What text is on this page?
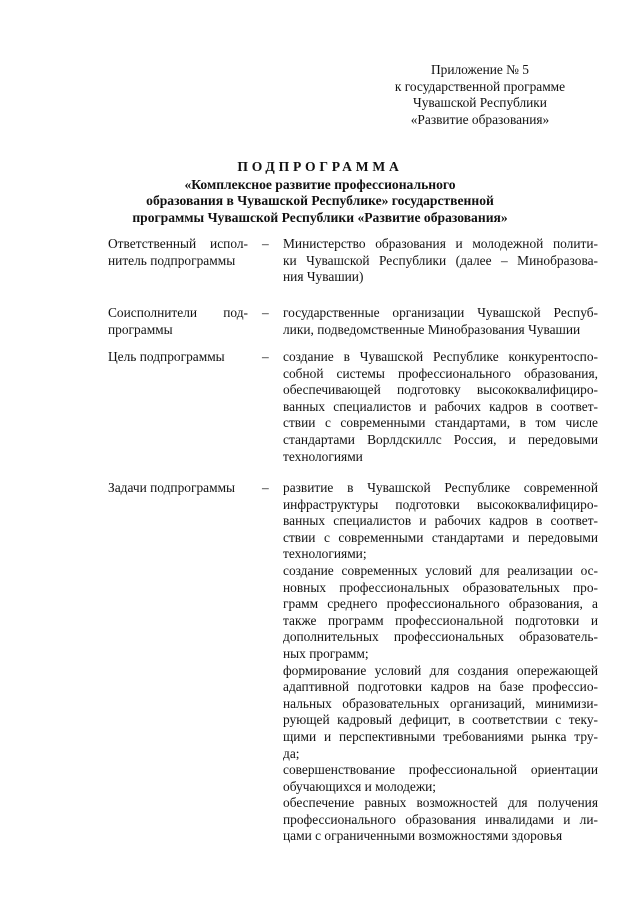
Приложение № 5
к государственной программе
Чувашской Республики
«Развитие образования»
ПОДПРОГРАММА
«Комплексное развитие профессионального
образования в Чувашской Республике» государственной
программы Чувашской Республики «Развитие образования»
Ответственный испол-
нитель подпрограммы
– Министерство образования и молодежной полити-
ки Чувашской Республики (далее – Минобразова-
ния Чувашии)
Соисполнители под-
программы
– государственные организации Чувашской Респуб-
лики, подведомственные Минобразования Чувашии
Цель подпрограммы	– создание в Чувашской Республике конкурентоспо-
собной системы профессионального образования,
обеспечивающей подготовку высококвалифициро-
ванных специалистов и рабочих кадров в соответ-
ствии с современными стандартами, в том числе
стандартами Ворлдскиллс Россия, и передовыми
технологиями
Задачи подпрограммы	– развитие в Чувашской Республике современной
инфраструктуры подготовки высококвалифициро-
ванных специалистов и рабочих кадров в соответ-
ствии с современными стандартами и передовыми
технологиями;
создание современных условий для реализации ос-
новных профессиональных образовательных про-
грамм среднего профессионального образования, а
также программ профессиональной подготовки и
дополнительных профессиональных образователь-
ных программ;
формирование условий для создания опережающей
адаптивной подготовки кадров на базе профессио-
нальных образовательных организаций, минимизи-
рующей кадровый дефицит, в соответствии с теку-
щими и перспективными требованиями рынка тру-
да;
совершенствование профессиональной ориентации
обучающихся и молодежи;
обеспечение равных возможностей для получения
профессионального образования инвалидами и ли-
цами с ограниченными возможностями здоровья
